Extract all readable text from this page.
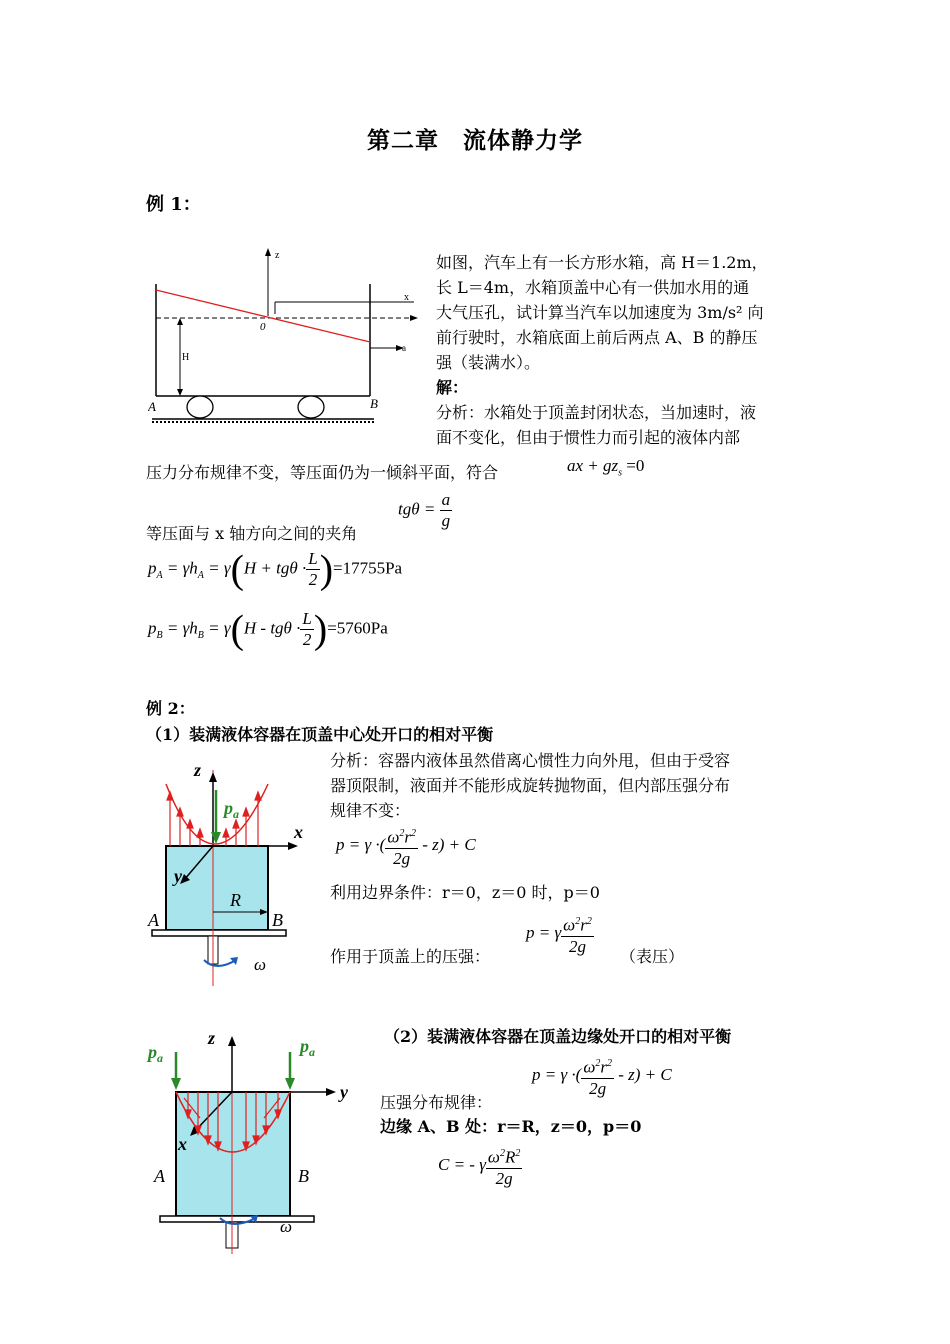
第二章　流体静力学
例 1：
z
x
0
a
H
A	B
如图，汽车上有一长方形水箱，高 H＝1.2m，
长 L＝4m，水箱顶盖中心有一供加水用的通
大气压孔，试计算当汽车以加速度为 3m/s² 向
前行驶时，水箱底面上前后两点 A、B 的静压
强（装满水）。
解：
分析：水箱处于顶盖封闭状态，当加速时，液
面不变化，但由于惯性力而引起的液体内部
压力分布规律不变，等压面仍为一倾斜平面，符合	ax + $gz_s =0$
$tg\theta = \frac{a}{g}$
等压面与 x 轴方向之间的夹角
$p_A = \gamma h_A = \gamma(H + tg\theta \cdot \frac{L}{2} )=17755Pa$
$p_B = \gamma h_B = \gamma(H - tg\theta \cdot \frac{L}{2} )=5760Pa$
例 2：
（1）装满液体容器在顶盖中心处开口的相对平衡
z
x
y
$p_a$
R
A	B
ω
分析：容器内液体虽然借离心惯性力向外甩，但由于受容
器顶限制，液面并不能形成旋转抛物面，但内部压强分布
规律不变：
p = γ ·( $\frac{\omega^2r^2}{2g} - z) + C$
利用边界条件：r＝0，z＝0 时，p＝0
p = γ $\frac{\omega^2r^2}{2g}$
作用于顶盖上的压强：	（表压）
z
y
x
$p_a$
$p_a$
A	B
ω
（2）装满液体容器在顶盖边缘处开口的相对平衡
p = γ ·( $\frac{\omega^2r^2}{2g} - z) + C$
压强分布规律：
边缘 A、B 处：r＝R，z＝0，p＝0
C = - γ $\frac{\omega^2R^2}{2g}$
